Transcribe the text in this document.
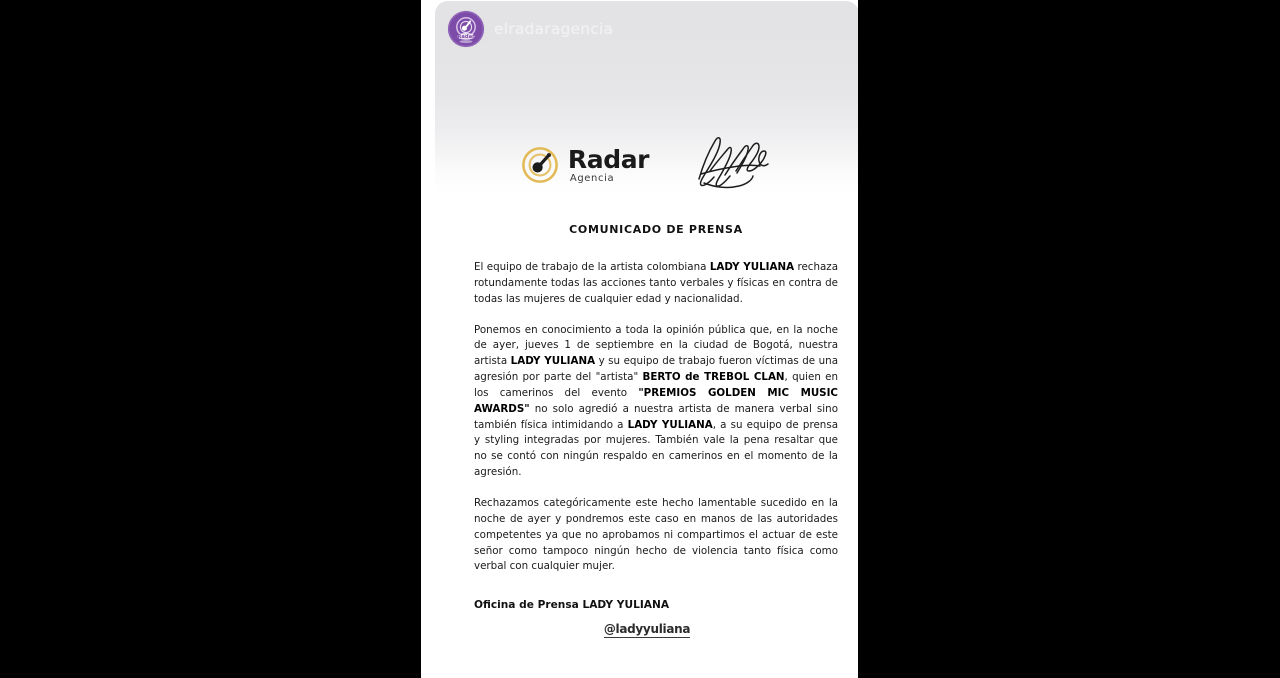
Radar elradaragencia
Radar
Agencia
COMUNICADO DE PRENSA
El equipo de trabajo de la artista colombiana LADY YULIANA rechaza rotundamente todas las acciones tanto verbales y físicas en contra de todas las mujeres de cualquier edad y nacionalidad.
Ponemos en conocimiento a toda la opinión pública que, en la noche de ayer, jueves 1 de septiembre en la ciudad de Bogotá, nuestra artista LADY YULIANA y su equipo de trabajo fueron víctimas de una agresión por parte del "artista" BERTO de TREBOL CLAN, quien en los camerinos del evento "PREMIOS GOLDEN MIC MUSIC AWARDS" no solo agredió a nuestra artista de manera verbal sino también física intimidando a LADY YULIANA, a su equipo de prensa y styling integradas por mujeres. También vale la pena resaltar que no se contó con ningún respaldo en camerinos en el momento de la agresión.
Rechazamos categóricamente este hecho lamentable sucedido en la noche de ayer y pondremos este caso en manos de las autoridades competentes ya que no aprobamos ni compartimos el actuar de este señor como tampoco ningún hecho de violencia tanto física como verbal con cualquier mujer.
Oficina de Prensa LADY YULIANA
@ladyyuliana
